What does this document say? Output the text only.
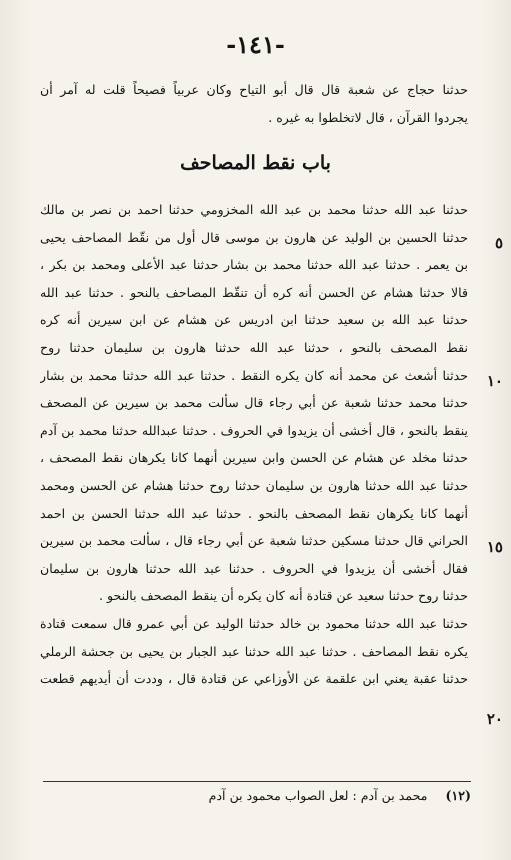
-١٤١-
حدثنا حجاج عن شعبة قال قال أبو التياح وكان عربياً فصيحاً قلت له آمر أن
يجردوا القرآن ، قال لاتخلطوا به غيره .
باب نقط المصاحف
حدثنا عبد الله حدثنا محمد بن عبد الله المخزومي حدثنا احمد بن نصر بن مالك
حدثنا الحسين بن الوليد عن هارون بن موسى قال أول من نقّط المصاحف يحيى
بن يعمر . حدثنا عبد الله حدثنا محمد بن بشار حدثنا عبد الأعلى ومحمد بن بكر ،
قالا حدثنا هشام عن الحسن أنه كره أن تنقّط المصاحف بالنحو . حدثنا عبد الله
حدثنا عبد الله بن سعيد حدثنا ابن ادريس عن هشام عن ابن سيرين أنه كره
نقط المصحف بالنحو ، حدثنا عبد الله حدثنا هارون بن سليمان حدثنا روح
حدثنا أشعث عن محمد أنه كان يكره النقط . حدثنا عبد الله حدثنا محمد بن بشار
حدثنا محمد حدثنا شعبة عن أبي رجاء قال سألت محمد بن سيرين عن المصحف
ينقط بالنحو ، قال أخشى أن يزيدوا في الحروف . حدثنا عبدالله حدثنا محمد بن آدم
حدثنا مخلد عن هشام عن الحسن وابن سيرين أنهما كانا يكرهان نقط المصحف ،
حدثنا عبد الله حدثنا هارون بن سليمان حدثنا روح حدثنا هشام عن الحسن ومحمد
أنهما كانا يكرهان نقط المصحف بالنحو . حدثنا عبد الله حدثنا الحسن بن احمد
الحراني قال حدثنا مسكين حدثنا شعبة عن أبي رجاء قال ، سألت محمد بن سيرين
فقال أخشى أن يزيدوا في الحروف . حدثنا عبد الله حدثنا هارون بن سليمان
حدثنا روح حدثنا سعيد عن قتادة أنه كان يكره أن ينقط المصحف بالنحو .
حدثنا عبد الله حدثنا محمود بن خالد حدثنا الوليد عن أبي عمرو قال سمعت قتادة
يكره نقط المصاحف . حدثنا عبد الله حدثنا عبد الجبار بن يحيى بن جحشة الرملي
حدثنا عقبة يعني ابن علقمة عن الأوزاعي عن قتادة قال ، وددت أن أيديهم قطعت
٥
١٠
١٥
٢٠
(١٢)محمد بن آدم : لعل الصواب محمود بن آدم
